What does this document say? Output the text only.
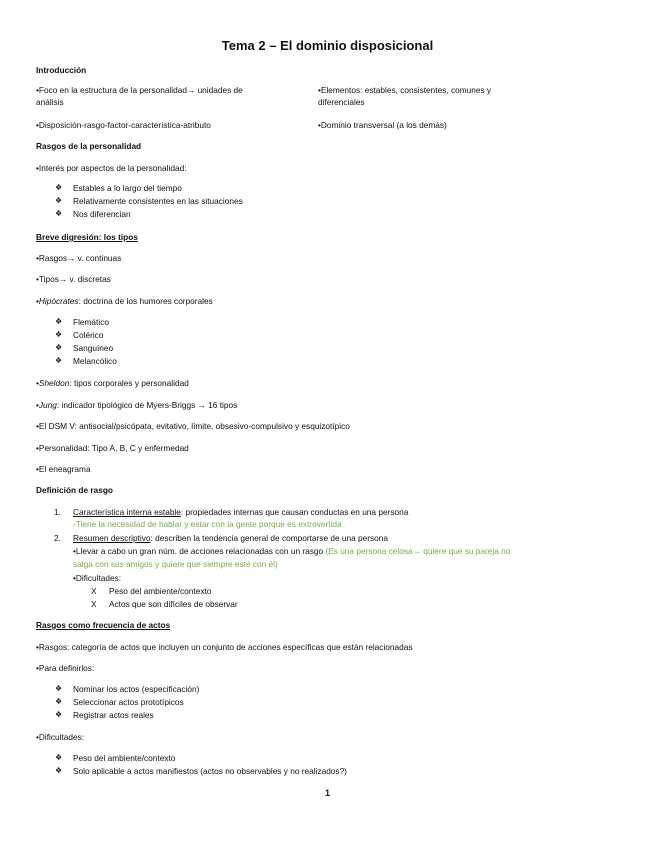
Tema 2 – El dominio disposicional
Introducción
•Foco en la estructura de la personalidad→ unidades de
análisis
•Elementos: estables, consistentes, comunes y
diferenciales
•Disposición-rasgo-factor-característica-atributo	•Dominio transversal (a los demás)
Rasgos de la personalidad
•Interés por aspectos de la personalidad:
❖ Estables a lo largo del tiempo
❖ Relativamente consistentes en las situaciones
❖ Nos diferencian
Breve digresión: los tipos
•Rasgos→ v. continuas
•Tipos→ v. discretas
•Hipócrates: doctrina de los humores corporales
❖ Flemático
❖ Colérico
❖ Sanguíneo
❖ Melancólico
•Sheldon: tipos corporales y personalidad
•Jung: indicador tipológico de Myers-Briggs → 16 tipos
•El DSM V: antisocial/psicópata, evitativo, límite, obsesivo-compulsivo y esquizotípico
•Personalidad: Tipo A, B, C y enfermedad
•El eneagrama
Definición de rasgo
1. Característica interna estable: propiedades internas que causan conductas en una persona
-Tiene la necesidad de hablar y estar con la gente porque es extrovertida
2. Resumen descriptivo: describen la tendencia general de comportarse de una persona
•Llevar a cabo un gran núm. de acciones relacionadas con un rasgo (Es una persona celosa→ quiere que su pareja no
salga con sus amigos y quiere que siempre esté con él)
•Dificultades:
X Peso del ambiente/contexto
X Actos que son difíciles de observar
Rasgos como frecuencia de actos
•Rasgos: categoría de actos que incluyen un conjunto de acciones específicas que están relacionadas
•Para definirlos:
❖ Nominar los actos (especificación)
❖ Seleccionar actos prototípicos
❖ Registrar actos reales
•Dificultades:
❖ Peso del ambiente/contexto
❖ Solo aplicable a actos manifiestos (actos no observables y no realizados?)
1
